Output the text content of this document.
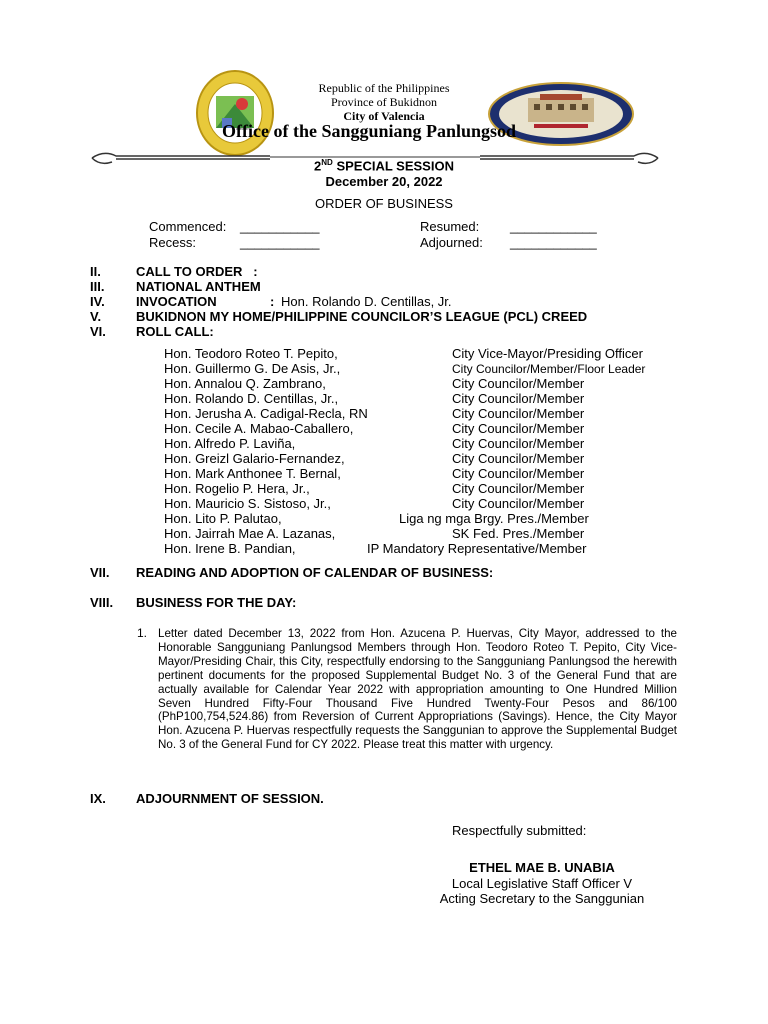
Republic of the Philippines
Province of Bukidnon
City of Valencia
Office of the Sangguniang Panlungsod
2ND SPECIAL SESSION
December 20, 2022
ORDER OF BUSINESS
Commenced: ___________
Recess:	___________
Resumed: ____________
Adjourned: ____________
II.	CALL TO ORDER   :
III. NATIONAL ANTHEM
IV. INVOCATION	: Hon. Rolando D. Centillas, Jr.
V.	BUKIDNON MY HOME/PHILIPPINE COUNCILOR’S LEAGUE (PCL) CREED
VI. ROLL CALL:
Hon. Teodoro Roteo T. Pepito,	City Vice-Mayor/Presiding Officer
Hon. Guillermo G. De Asis, Jr.,	City Councilor/Member/Floor Leader
Hon. Annalou Q. Zambrano,	City Councilor/Member
Hon. Rolando D. Centillas, Jr.,	City Councilor/Member
Hon. Jerusha A. Cadigal-Recla, RN	City Councilor/Member
Hon. Cecile A. Mabao-Caballero,	City Councilor/Member
Hon. Alfredo P. Laviña,	City Councilor/Member
Hon. Greizl Galario-Fernandez,	City Councilor/Member
Hon. Mark Anthonee T. Bernal,	City Councilor/Member
Hon. Rogelio P. Hera, Jr.,	City Councilor/Member
Hon. Mauricio S. Sistoso, Jr.,	City Councilor/Member
Hon. Lito P. Palutao,	Liga ng mga Brgy. Pres./Member
Hon. Jairrah Mae A. Lazanas,	SK Fed. Pres./Member
Hon. Irene B. Pandian,	IP Mandatory Representative/Member
VII. READING AND ADOPTION OF CALENDAR OF BUSINESS:
VIII. BUSINESS FOR THE DAY:
1. Letter dated December 13, 2022 from Hon. Azucena P. Huervas, City Mayor, addressed to the Honorable Sangguniang Panlungsod Members through Hon. Teodoro Roteo T. Pepito, City Vice-Mayor/Presiding Chair, this City, respectfully endorsing to the Sangguniang Panlungsod the herewith pertinent documents for the proposed Supplemental Budget No. 3 of the General Fund that are actually available for Calendar Year 2022 with appropriation amounting to One Hundred Million Seven Hundred Fifty-Four Thousand Five Hundred Twenty-Four Pesos and 86/100 (PhP100,754,524.86) from Reversion of Current Appropriations (Savings). Hence, the City Mayor Hon. Azucena P. Huervas respectfully requests the Sanggunian to approve the Supplemental Budget No. 3 of the General Fund for CY 2022. Please treat this matter with urgency.
IX. ADJOURNMENT OF SESSION.
Respectfully submitted:
ETHEL MAE B. UNABIA
Local Legislative Staff Officer V
Acting Secretary to the Sanggunian
